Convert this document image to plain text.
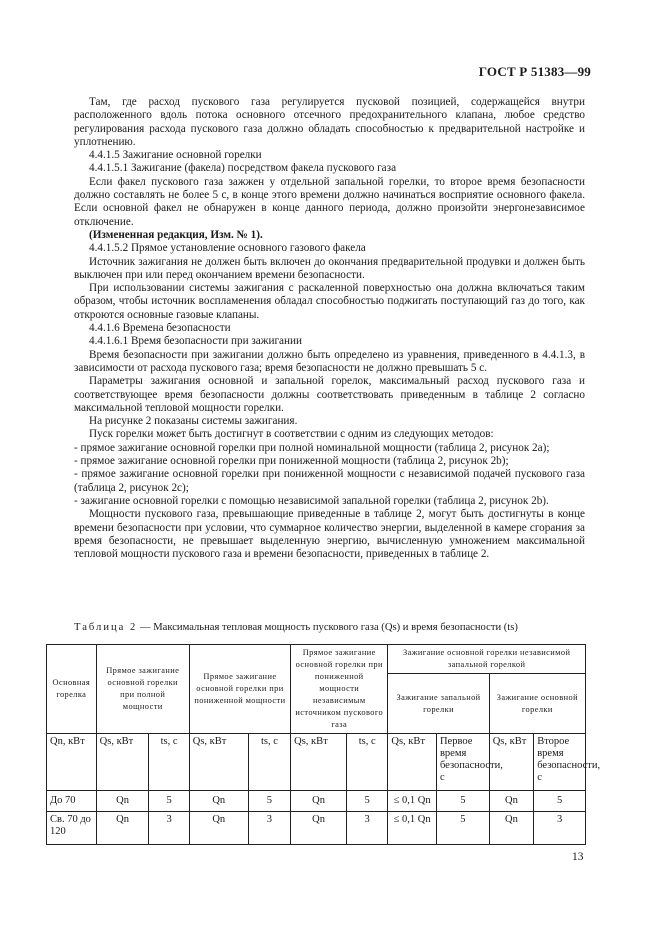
ГОСТ Р 51383—99

Там, где расход пускового газа регулируется пусковой позицией, содержащейся внутри расположенного вдоль потока основного отсечного предохранительного клапана, любое средство регулирования расхода пускового газа должно обладать способностью к предварительной настройке и уплотнению.

4.4.1.5 Зажигание основной горелки

4.4.1.5.1 Зажигание (факела) посредством факела пускового газа

Если факел пускового газа зажжен у отдельной запальной горелки, то второе время безопасности должно составлять не более 5 с, в конце этого времени должно начинаться восприятие основного факела. Если основной факел не обнаружен в конце данного периода, должно произойти энергонезависимое отключение.

(Измененная редакция, Изм. № 1).

4.4.1.5.2 Прямое установление основного газового факела

Источник зажигания не должен быть включен до окончания предварительной продувки и должен быть выключен при или перед окончанием времени безопасности.

При использовании системы зажигания с раскаленной поверхностью она должна включаться таким образом, чтобы источник воспламенения обладал способностью поджигать поступающий газ до того, как откроются основные газовые клапаны.

4.4.1.6 Времена безопасности

4.4.1.6.1 Время безопасности при зажигании

Время безопасности при зажигании должно быть определено из уравнения, приведенного в 4.4.1.3, в зависимости от расхода пускового газа; время безопасности не должно превышать 5 с.

Параметры зажигания основной и запальной горелок, максимальный расход пускового газа и соответствующее время безопасности должны соответствовать приведенным в таблице 2 согласно максимальной тепловой мощности горелки.

На рисунке 2 показаны системы зажигания.

Пуск горелки может быть достигнут в соответствии с одним из следующих методов:

- прямое зажигание основной горелки при полной номинальной мощности (таблица 2, рисунок 2а);

- прямое зажигание основной горелки при пониженной мощности (таблица 2, рисунок 2b);

- прямое зажигание основной горелки при пониженной мощности с независимой подачей пускового газа (таблица 2, рисунок 2с);

- зажигание основной горелки с помощью независимой запальной горелки (таблица 2, рисунок 2b).

Мощности пускового газа, превышающие приведенные в таблице 2, могут быть достигнуты в конце времени безопасности при условии, что суммарное количество энергии, выделенной в камере сгорания за время безопасности, не превышает выделенную энергию, вычисленную умножением максимальной тепловой мощности пускового газа и времени безопасности, приведенных в таблице 2.

Таблица 2 — Максимальная тепловая мощность пускового газа (Qs) и время безопасности (ts)
Основная горелка	Прямое зажигание основной горелки при полной мощности		Прямое зажигание основной горелки при пониженной мощности		Прямое зажигание основной горелки при пониженной мощности независимым источником пускового газа		Зажигание основной горелки независимой запальной горелкой			
							Зажигание запальной горелки		Зажигание основной горелки	
Qn, кВт	Qs, кВт	ts, с	Qs, кВт	ts, с	Qs, кВт	ts, с	Qs, кВт	Первое время безопасности, с	Qs, кВт	Второе время безопасности, с
До 70	Qn	5	Qn	5	Qn	5	≤ 0,1 Qn	5	Qn	5
Св. 70 до 120	Qn	3	Qn	3	Qn	3	≤ 0,1 Qn	5	Qn	3
13
